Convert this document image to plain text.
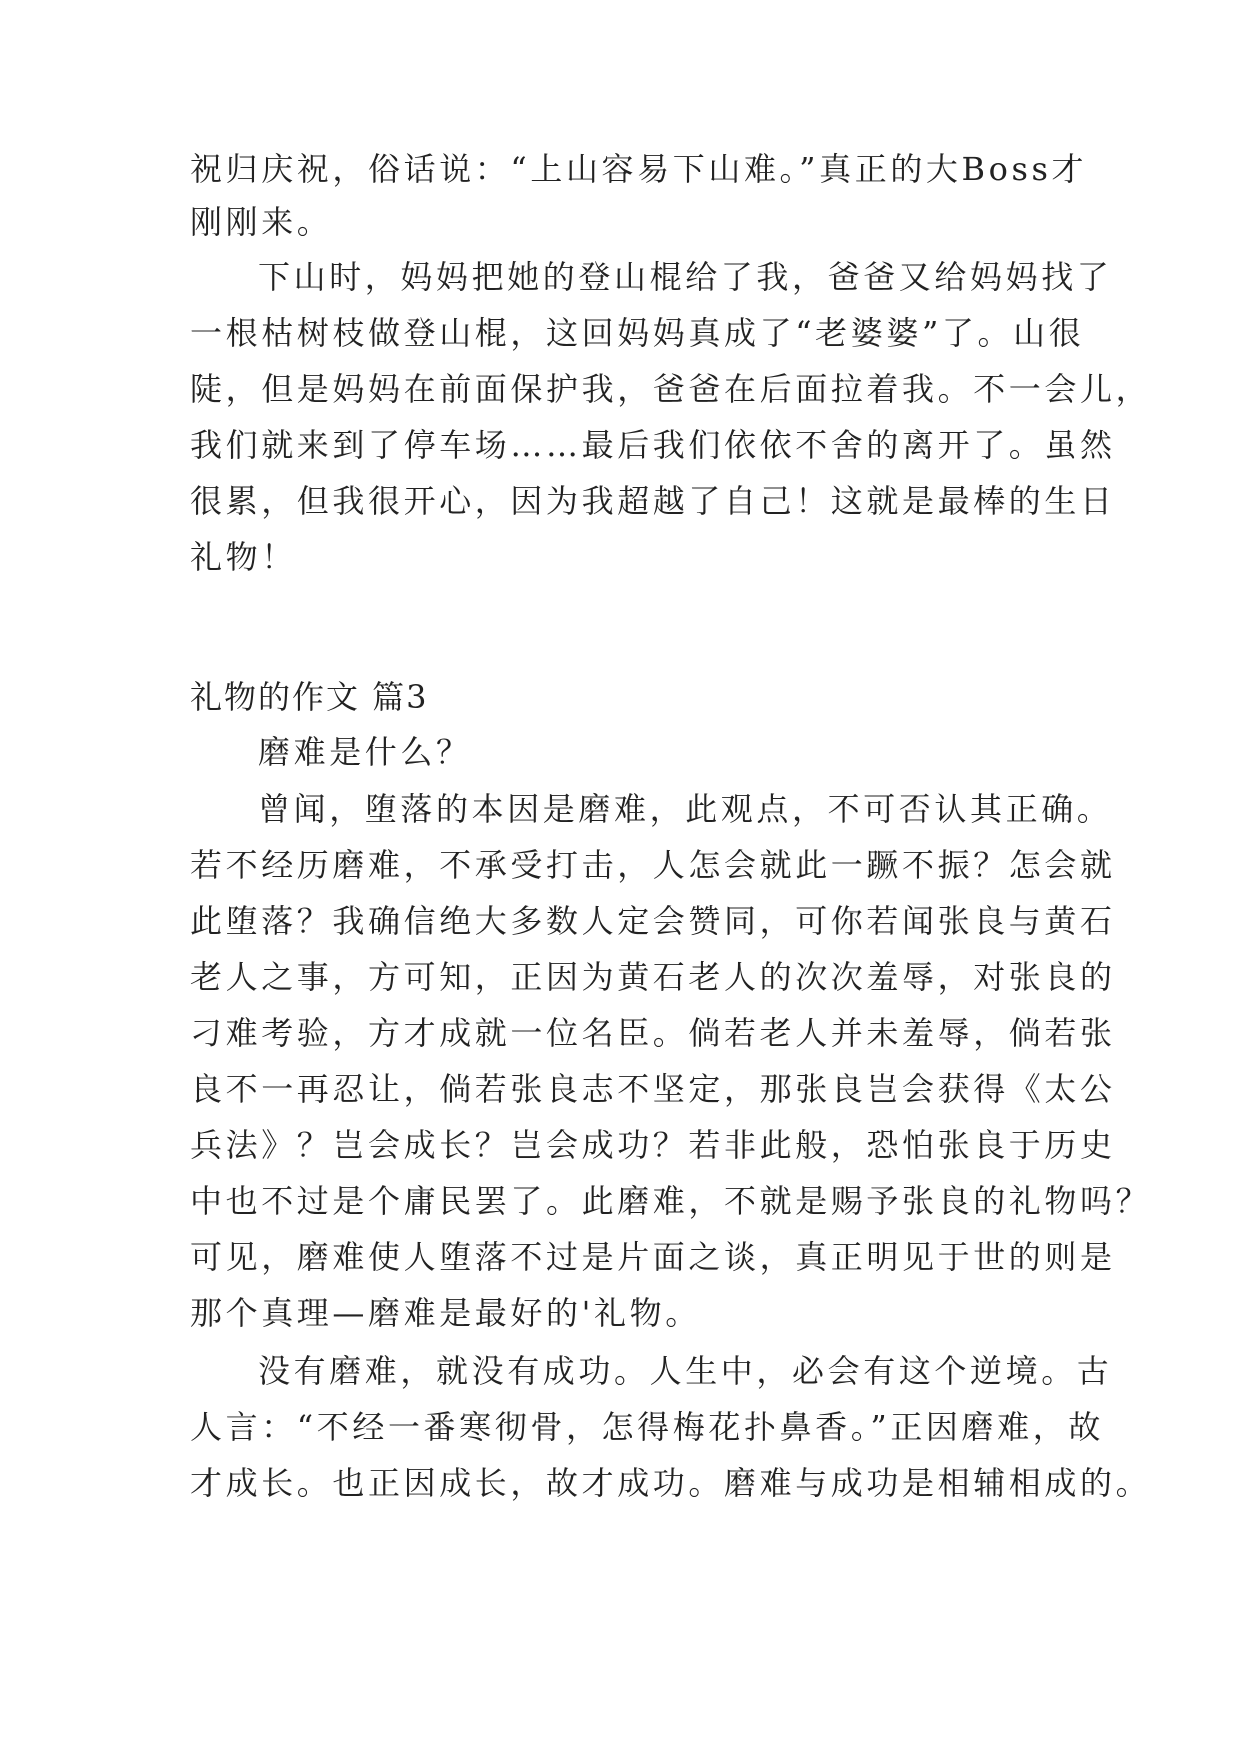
祝归庆祝，俗话说：“上山容易下山难。”真正的大Boss才

刚刚来。

下山时，妈妈把她的登山棍给了我，爸爸又给妈妈找了

一根枯树枝做登山棍，这回妈妈真成了“老婆婆”了。山很

陡，但是妈妈在前面保护我，爸爸在后面拉着我。不一会儿，

我们就来到了停车场……最后我们依依不舍的离开了。虽然

很累，但我很开心，因为我超越了自己！这就是最棒的生日

礼物！

礼物的作文 篇3

磨难是什么？

曾闻，堕落的本因是磨难，此观点，不可否认其正确。

若不经历磨难，不承受打击，人怎会就此一蹶不振？怎会就

此堕落？我确信绝大多数人定会赞同，可你若闻张良与黄石

老人之事，方可知，正因为黄石老人的次次羞辱，对张良的

刁难考验，方才成就一位名臣。倘若老人并未羞辱，倘若张

良不一再忍让，倘若张良志不坚定，那张良岂会获得《太公

兵法》？岂会成长？岂会成功？若非此般，恐怕张良于历史

中也不过是个庸民罢了。此磨难，不就是赐予张良的礼物吗？

可见，磨难使人堕落不过是片面之谈，真正明见于世的则是

那个真理—磨难是最好的'礼物。

没有磨难，就没有成功。人生中，必会有这个逆境。古

人言：“不经一番寒彻骨，怎得梅花扑鼻香。”正因磨难，故

才成长。也正因成长，故才成功。磨难与成功是相辅相成的。
